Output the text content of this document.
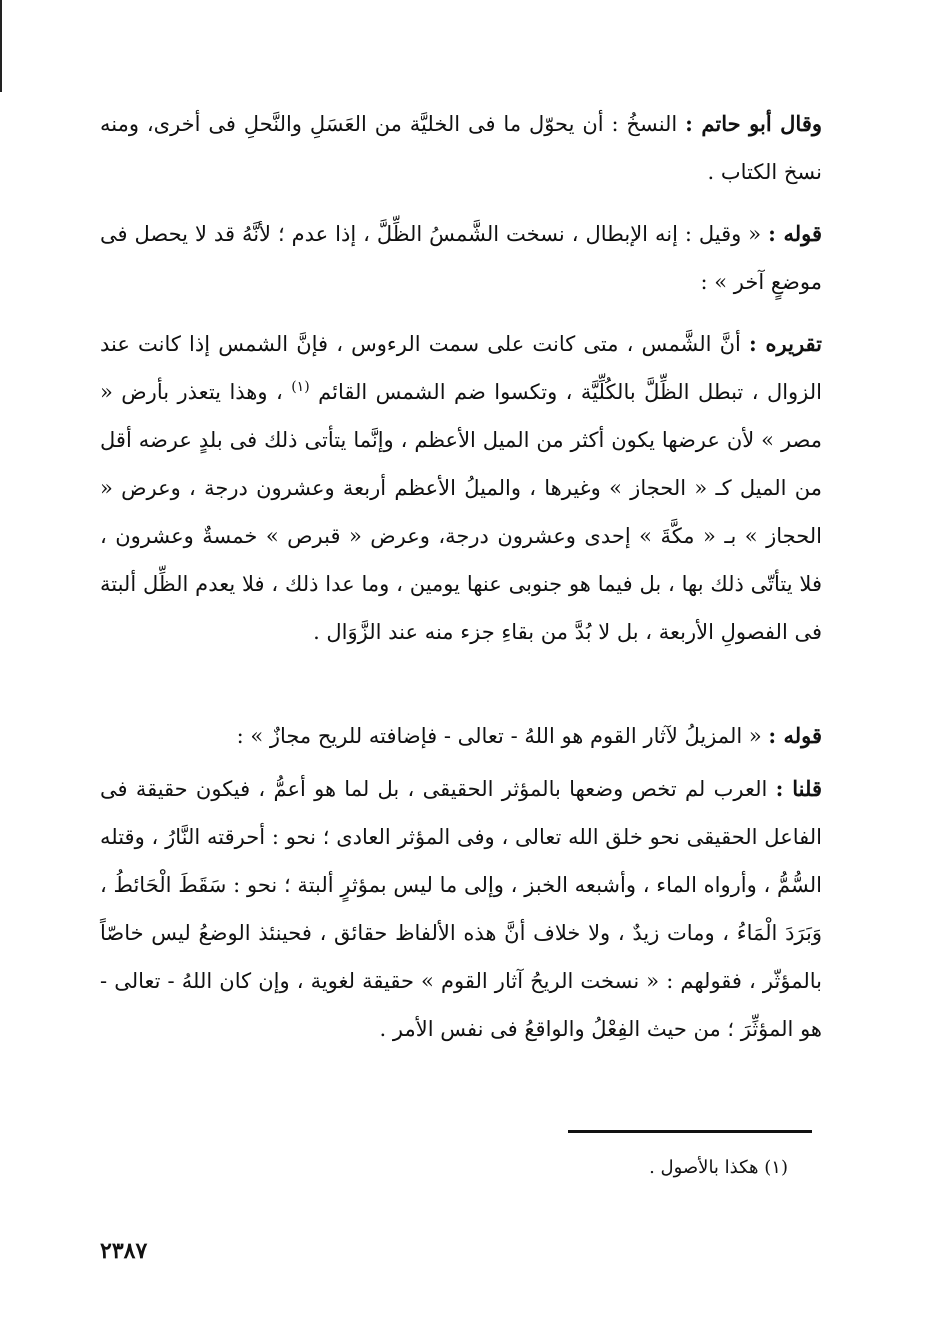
وقال أبو حاتم : النسخُ : أن يحوّل ما فى الخليَّة من العَسَلِ والنَّحلِ فى أخرى، ومنه نسخ الكتاب .

قوله : « وقيل : إنه الإبطال ، نسخت الشَّمسُ الظِّلَّ ، إذا عدم ؛ لأنَّهُ قد لا يحصل فى موضعٍ آخر » :

تقريره : أنَّ الشَّمس ، متى كانت على سمت الرءوس ، فإنَّ الشمس إذا كانت عند الزوال ، تبطل الظِّلَّ بالكُلِّيَّة ، وتكسوا ضم الشمس القائم $^{(١)}$ ، وهذا يتعذر بأرض « مصر » لأن عرضها يكون أكثر من الميل الأعظم ، وإنَّما يتأتى ذلك فى بلدٍ عرضه أقل من الميل كـ « الحجاز » وغيرها ، والميلُ الأعظم أربعة وعشرون درجة ، وعرض « الحجاز » بـ « مكَّةَ » إحدى وعشرون درجة، وعرض « قبرص » خمسةٌ وعشرون ، فلا يتأتّى ذلك بها ، بل فيما هو جنوبى عنها يومين ، وما عدا ذلك ، فلا يعدم الظِّل ألبتة فى الفصولِ الأربعة ، بل لا بُدَّ من بقاءِ جزء منه عند الزَّوَال .

قوله : « المزيلُ لآثار القوم هو اللهُ - تعالى - فإضافته للريح مجازٌ » :

قلنا : العرب لم تخص وضعها بالمؤثر الحقيقى ، بل لما هو أعمُّ ، فيكون حقيقة فى الفاعل الحقيقى نحو خلق الله تعالى ، وفى المؤثر العادى ؛ نحو : أحرقته النَّارُ ، وقتله السُّمُّ ، وأرواه الماء ، وأشبعه الخبز ، وإلى ما ليس بمؤثرٍ ألبتة ؛ نحو : سَقَطَ الْحَائطُ ، وَبَرَدَ الْمَاءُ ، ومات زيدٌ ، ولا خلاف أنَّ هذه الألفاظ حقائق ، فحينئذ الوضعُ ليس خاصّاً بالمؤثّر ، فقولهم : « نسخت الريحُ آثار القوم » حقيقة لغوية ، وإن كان اللهُ - تعالى - هو المؤثِّرَ ؛ من حيث الفِعْلُ والواقعُ فى نفس الأمر .

(١) هكذا بالأصول .
٢٣٨٧
